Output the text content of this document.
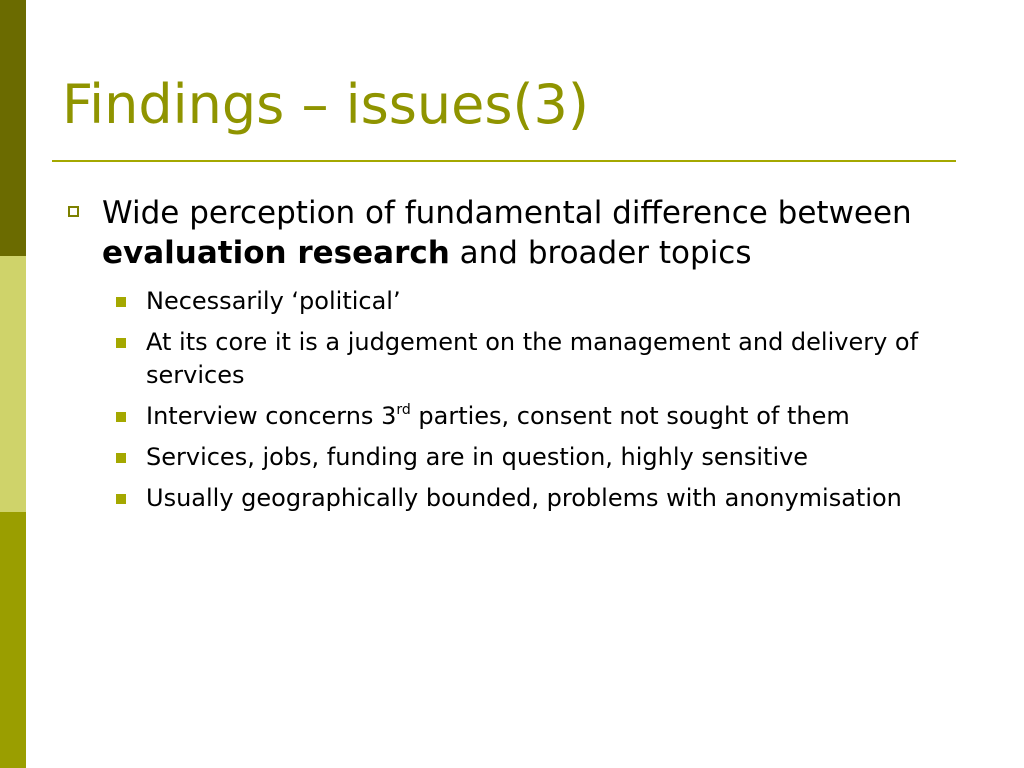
Findings – issues(3)

Wide perception of fundamental difference between evaluation research and broader topics

Necessarily ‘political’

At its core it is a judgement on the management and delivery of services

Interview concerns 3rd parties, consent not sought of them

Services, jobs, funding are in question, highly sensitive

Usually geographically bounded, problems with anonymisation
